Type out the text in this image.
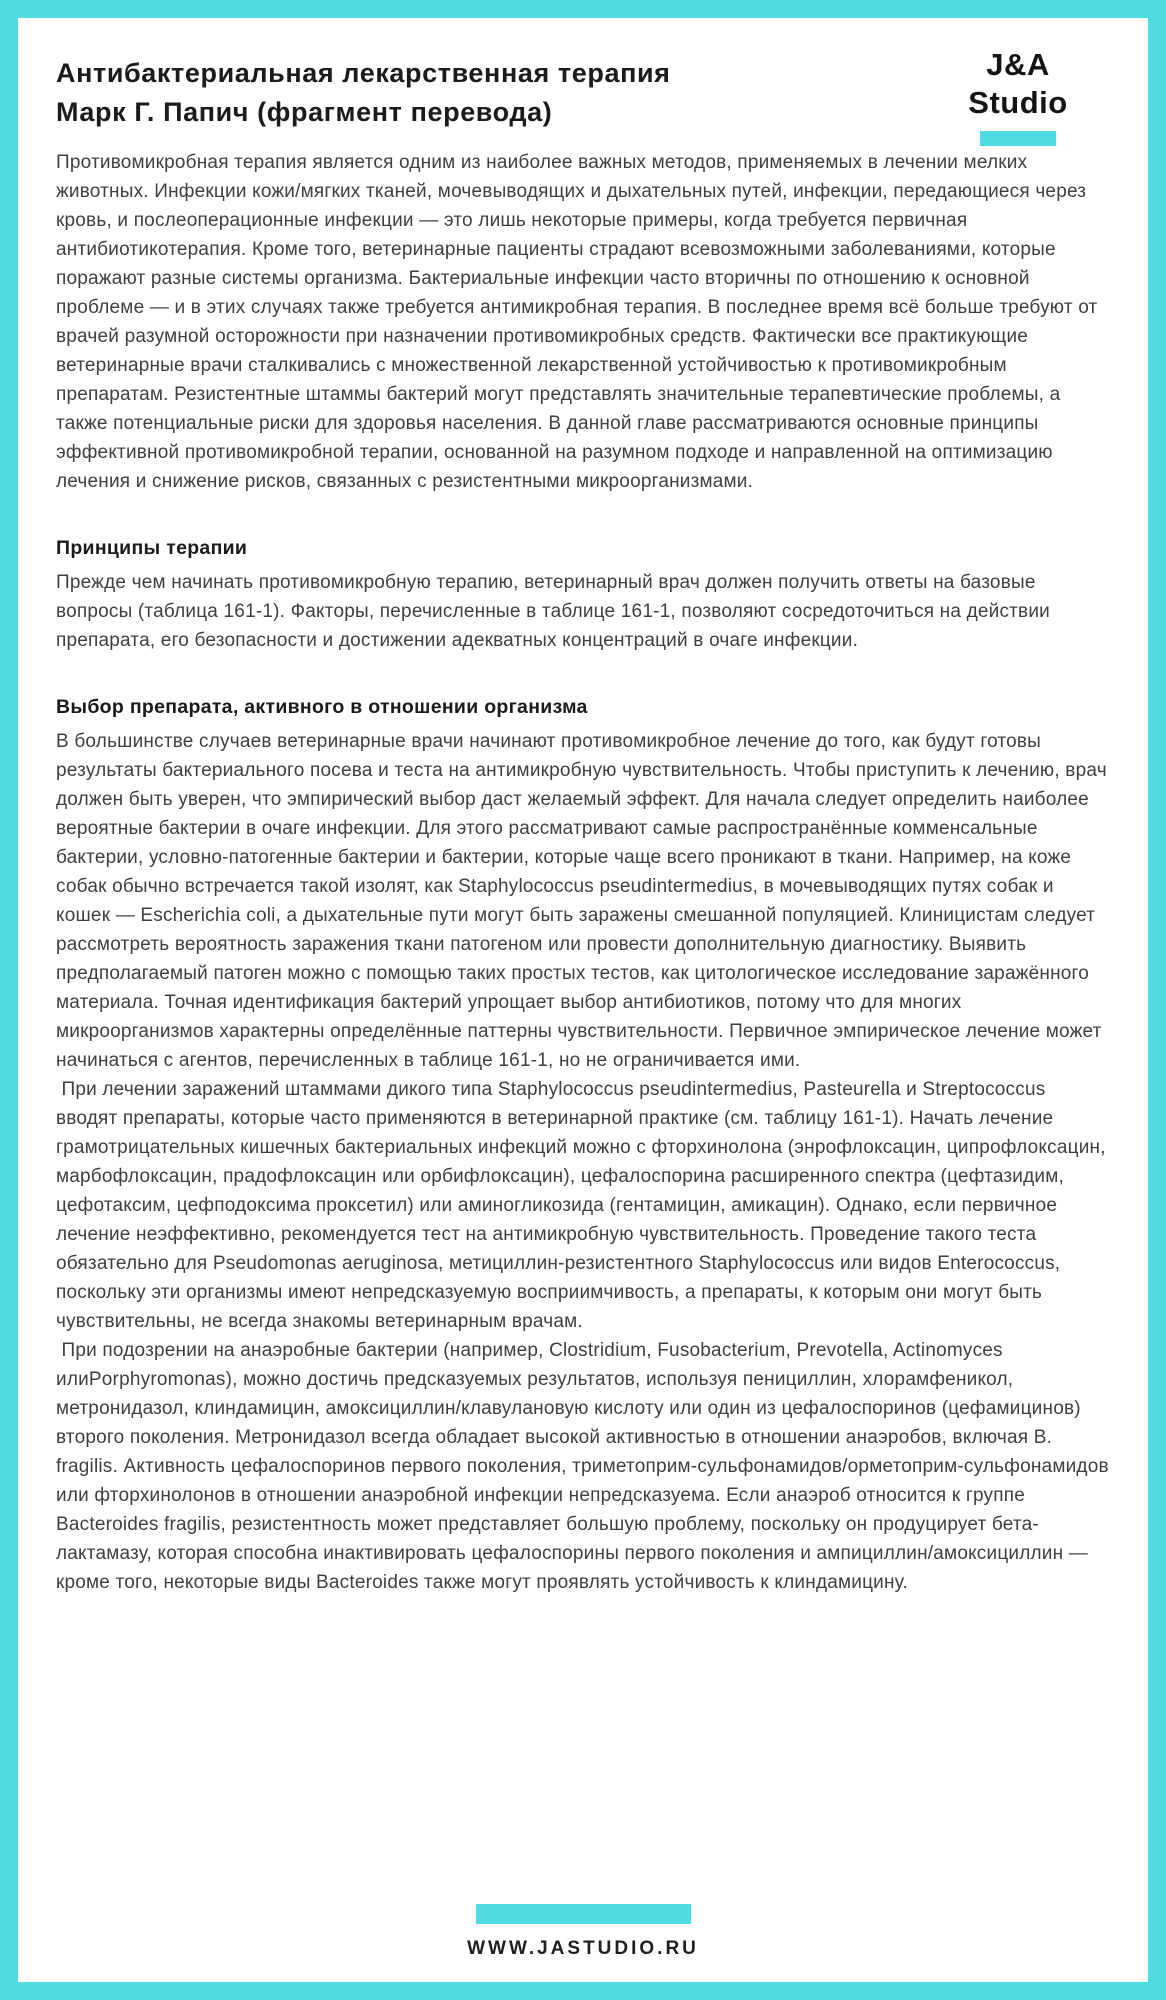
Антибактериальная лекарственная терапия
Марк Г. Папич (фрагмент перевода)
J&A
Studio

Противомикробная терапия является одним из наиболее важных методов, применяемых в лечении мелких животных. Инфекции кожи/мягких тканей, мочевыводящих и дыхательных путей, инфекции, передающиеся через кровь, и послеоперационные инфекции — это лишь некоторые примеры, когда требуется первичная антибиотикотерапия. Кроме того, ветеринарные пациенты страдают всевозможными заболеваниями, которые поражают разные системы организма. Бактериальные инфекции часто вторичны по отношению к основной проблеме — и в этих случаях также требуется антимикробная терапия. В последнее время всё больше требуют от врачей разумной осторожности при назначении противомикробных средств. Фактически все практикующие ветеринарные врачи сталкивались с множественной лекарственной устойчивостью к противомикробным препаратам. Резистентные штаммы бактерий могут представлять значительные терапевтические проблемы, а также потенциальные риски для здоровья населения. В данной главе рассматриваются основные принципы эффективной противомикробной терапии, основанной на разумном подходе и направленной на оптимизацию лечения и снижение рисков, связанных с резистентными микроорганизмами.

Принципы терапии

Прежде чем начинать противомикробную терапию, ветеринарный врач должен получить ответы на базовые вопросы (таблица 161-1). Факторы, перечисленные в таблице 161-1, позволяют сосредоточиться на действии препарата, его безопасности и достижении адекватных концентраций в очаге инфекции.

Выбор препарата, активного в отношении организма

В большинстве случаев ветеринарные врачи начинают противомикробное лечение до того, как будут готовы результаты бактериального посева и теста на антимикробную чувствительность. Чтобы приступить к лечению, врач должен быть уверен, что эмпирический выбор даст желаемый эффект. Для начала следует определить наиболее вероятные бактерии в очаге инфекции. Для этого рассматривают самые распространённые комменсальные бактерии, условно-патогенные бактерии и бактерии, которые чаще всего проникают в ткани. Например, на коже собак обычно встречается такой изолят, как Staphylococcus pseudintermedius, в мочевыводящих путях собак и кошек — Escherichia coli, а дыхательные пути могут быть заражены смешанной популяцией. Клиницистам следует рассмотреть вероятность заражения ткани патогеном или провести дополнительную диагностику. Выявить предполагаемый патоген можно с помощью таких простых тестов, как цитологическое исследование заражённого материала. Точная идентификация бактерий упрощает выбор антибиотиков, потому что для многих микроорганизмов характерны определённые паттерны чувствительности. Первичное эмпирическое лечение может начинаться с агентов, перечисленных в таблице 161-1, но не ограничивается ими.

При лечении заражений штаммами дикого типа Staphylococcus pseudintermedius, Pasteurella и Streptococcus вводят препараты, которые часто применяются в ветеринарной практике (см. таблицу 161-1). Начать лечение грамотрицательных кишечных бактериальных инфекций можно с фторхинолона (энрофлоксацин, ципрофлоксацин, марбофлоксацин, прадофлоксацин или орбифлоксацин), цефалоспорина расширенного спектра (цефтазидим, цефотаксим, цефподоксима проксетил) или аминогликозида (гентамицин, амикацин). Однако, если первичное лечение неэффективно, рекомендуется тест на антимикробную чувствительность. Проведение такого теста обязательно для Pseudomonas aeruginosa, метициллин-резистентного Staphylococcus или видов Enterococcus, поскольку эти организмы имеют непредсказуемую восприимчивость, а препараты, к которым они могут быть чувствительны, не всегда знакомы ветеринарным врачам.

При подозрении на анаэробные бактерии (например, Clostridium, Fusobacterium, Prevotella, Actinomyces илиPorphyromonas), можно достичь предсказуемых результатов, используя пенициллин, хлорамфеникол, метронидазол, клиндамицин, амоксициллин/клавулановую кислоту или один из цефалоспоринов (цефамицинов) второго поколения. Метронидазол всегда обладает высокой активностью в отношении анаэробов, включая B. fragilis. Активность цефалоспоринов первого поколения, триметоприм-сульфонамидов/орметоприм-сульфонамидов или фторхинолонов в отношении анаэробной инфекции непредсказуема. Если анаэроб относится к группе Bacteroides fragilis, резистентность может представляет большую проблему, поскольку он продуцирует бета-лактамазу, которая способна инактивировать цефалоспорины первого поколения и ампициллин/амоксициллин — кроме того, некоторые виды Bacteroides также могут проявлять устойчивость к клиндамицину.

WWW.JASTUDIO.RU
